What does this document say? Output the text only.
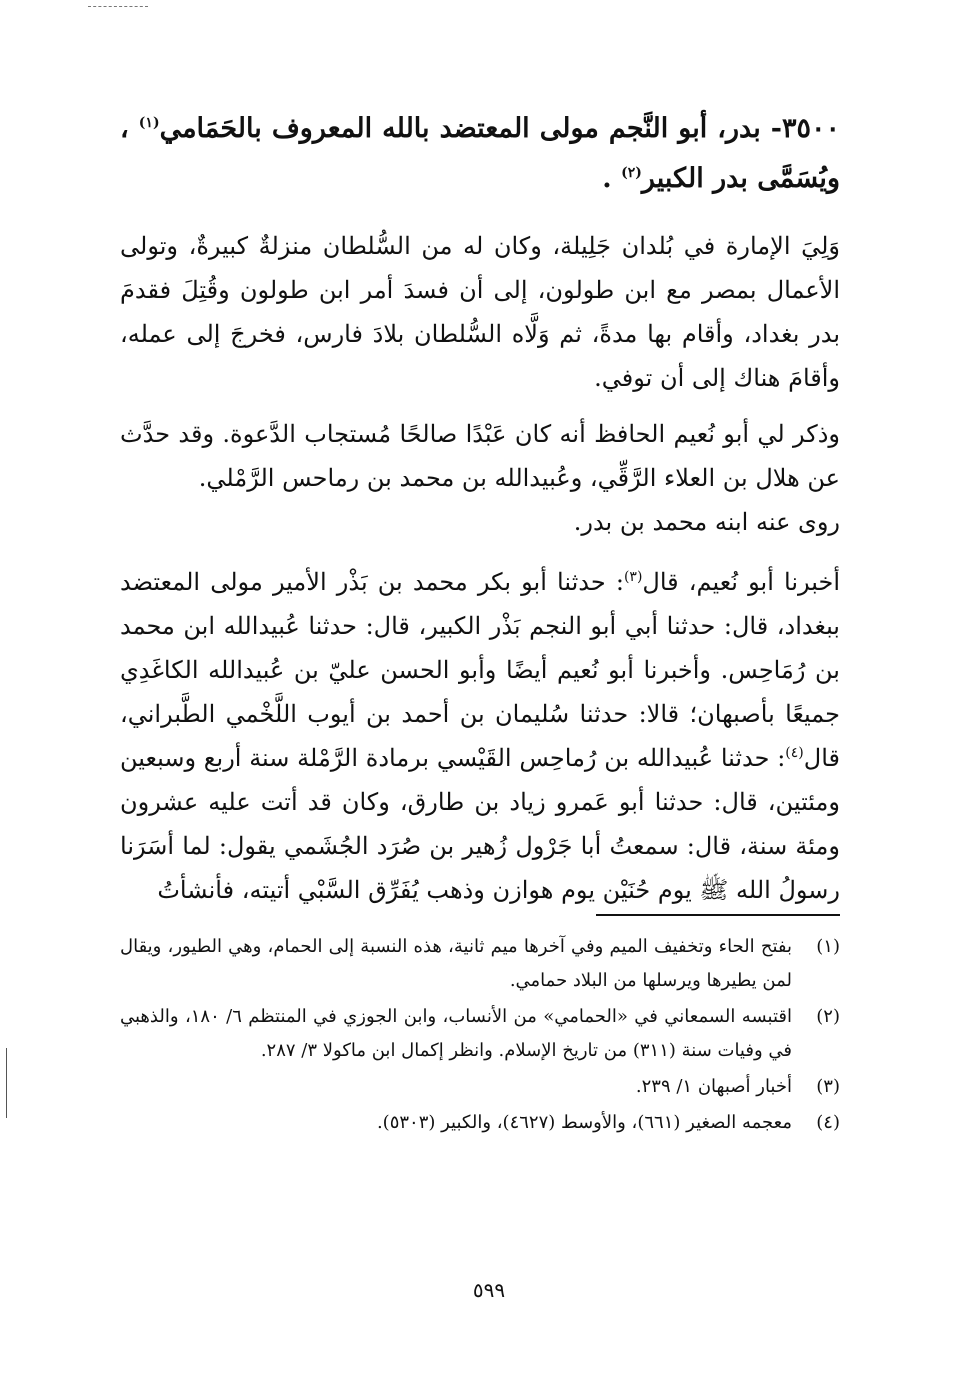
٣٥٠٠- بدر، أبو النَّجم مولى المعتضد بالله المعروف بالحَمَامي$^{(١)}$ ، ويُسَمَّى بدر الكبير$^{(٢)}$ .

وَلِيَ الإمارة في بُلدان جَلِيلة، وكان له من السُّلطان منزلةٌ كبيرةٌ، وتولى الأعمال بمصر مع ابن طولون، إلى أن فسدَ أمر ابن طولون وقُتِلَ فقدمَ بدر بغداد، وأقام بها مدةً، ثم وَلَّاه السُّلطان بلادَ فارس، فخرجَ إلى عمله، وأقامَ هناك إلى أن توفي.

وذكر لي أبو نُعيم الحافظ أنه كان عَبْدًا صالحًا مُستجاب الدَّعوة. وقد حدَّث عن هلال بن العلاء الرَّقِّي، وعُبيدالله بن محمد بن رماحس الرَّمْلي.

روى عنه ابنه محمد بن بدر.

أخبرنا أبو نُعيم، قال$^{(٣)}$: حدثنا أبو بكر محمد بن بَذْر الأمير مولى المعتضد ببغداد، قال: حدثنا أبي أبو النجم بَذْر الكبير، قال: حدثنا عُبيدالله ابن محمد بن رُمَاحِس. وأخبرنا أبو نُعيم أيضًا وأبو الحسن عليّ بن عُبيدالله الكاغَدِي جميعًا بأصبهان؛ قالا: حدثنا سُليمان بن أحمد بن أيوب اللَّخْمي الطَّبراني، قال$^{(٤)}$: حدثنا عُبيدالله بن رُماحِس القَيْسي برمادة الرَّمْلة سنة أربع وسبعين ومئتين، قال: حدثنا أبو عَمرو زياد بن طارق، وكان قد أتت عليه عشرون ومئة سنة، قال: سمعتُ أبا جَرْول زُهير بن صُرَد الجُشَمي يقول: لما أسَرَنا رسولُ الله ﷺ يوم حُنَيْن يوم هوازن وذهب يُفَرِّق السَّبْي أتيته، فأنشأتُ

(١)
بفتح الحاء وتخفيف الميم وفي آخرها ميم ثانية، هذه النسبة إلى الحمام، وهي الطيور، ويقال لمن يطيرها ويرسلها من البلاد حمامي.
(٢)
اقتبسه السمعاني في «الحمامي» من الأنساب، وابن الجوزي في المنتظم ٦/ ١٨٠، والذهبي في وفيات سنة (٣١١) من تاريخ الإسلام. وانظر إكمال ابن ماكولا ٣/ ٢٨٧.
(٣)
أخبار أصبهان ١/ ٢٣٩.
(٤)
معجمه الصغير (٦٦١)، والأوسط (٤٦٢٧)، والكبير (٥٣٠٣).
٥٩٩
